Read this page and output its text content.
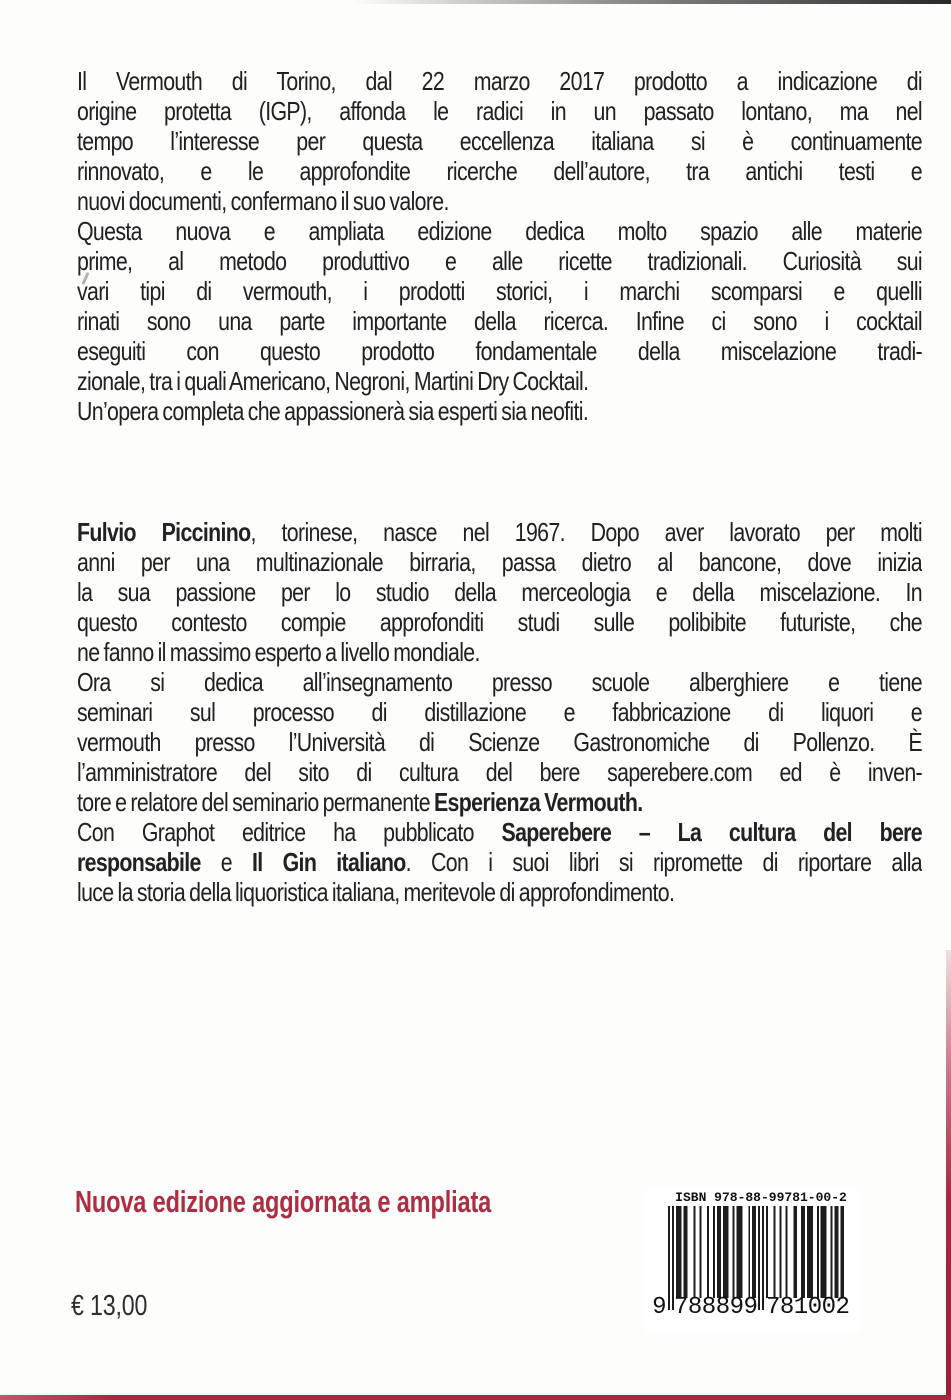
Il Vermouth di Torino, dal 22 marzo 2017 prodotto a indicazione di
origine protetta (IGP), affonda le radici in un passato lontano, ma nel
tempo l’interesse per questa eccellenza italiana si è continuamente
rinnovato, e le approfondite ricerche dell’autore, tra antichi testi e
nuovi documenti, confermano il suo valore.
Questa nuova e ampliata edizione dedica molto spazio alle materie
prime, al metodo produttivo e alle ricette tradizionali. Curiosità sui
vari tipi di vermouth, i prodotti storici, i marchi scomparsi e quelli
rinati sono una parte importante della ricerca. Infine ci sono i cocktail
eseguiti con questo prodotto fondamentale della miscelazione tradi-
zionale, tra i quali Americano, Negroni, Martini Dry Cocktail.
Un’opera completa che appassionerà sia esperti sia neofiti.
Fulvio Piccinino, torinese, nasce nel 1967. Dopo aver lavorato per molti
anni per una multinazionale birraria, passa dietro al bancone, dove inizia
la sua passione per lo studio della merceologia e della miscelazione. In
questo contesto compie approfonditi studi sulle polibibite futuriste, che
ne fanno il massimo esperto a livello mondiale.
Ora si dedica all’insegnamento presso scuole alberghiere e tiene
seminari sul processo di distillazione e fabbricazione di liquori e
vermouth presso l’Università di Scienze Gastronomiche di Pollenzo. È
l’amministratore del sito di cultura del bere saperebere.com ed è inven-
tore e relatore del seminario permanente Esperienza Vermouth.
Con Graphot editrice ha pubblicato Saperebere – La cultura del bere
responsabile e Il Gin italiano. Con i suoi libri si ripromette di riportare alla
luce la storia della liquoristica italiana, meritevole di approfondimento.
Nuova edizione aggiornata e ampliata
€ 13,00
ISBN 978-88-99781-00-2
9 788899 781002
